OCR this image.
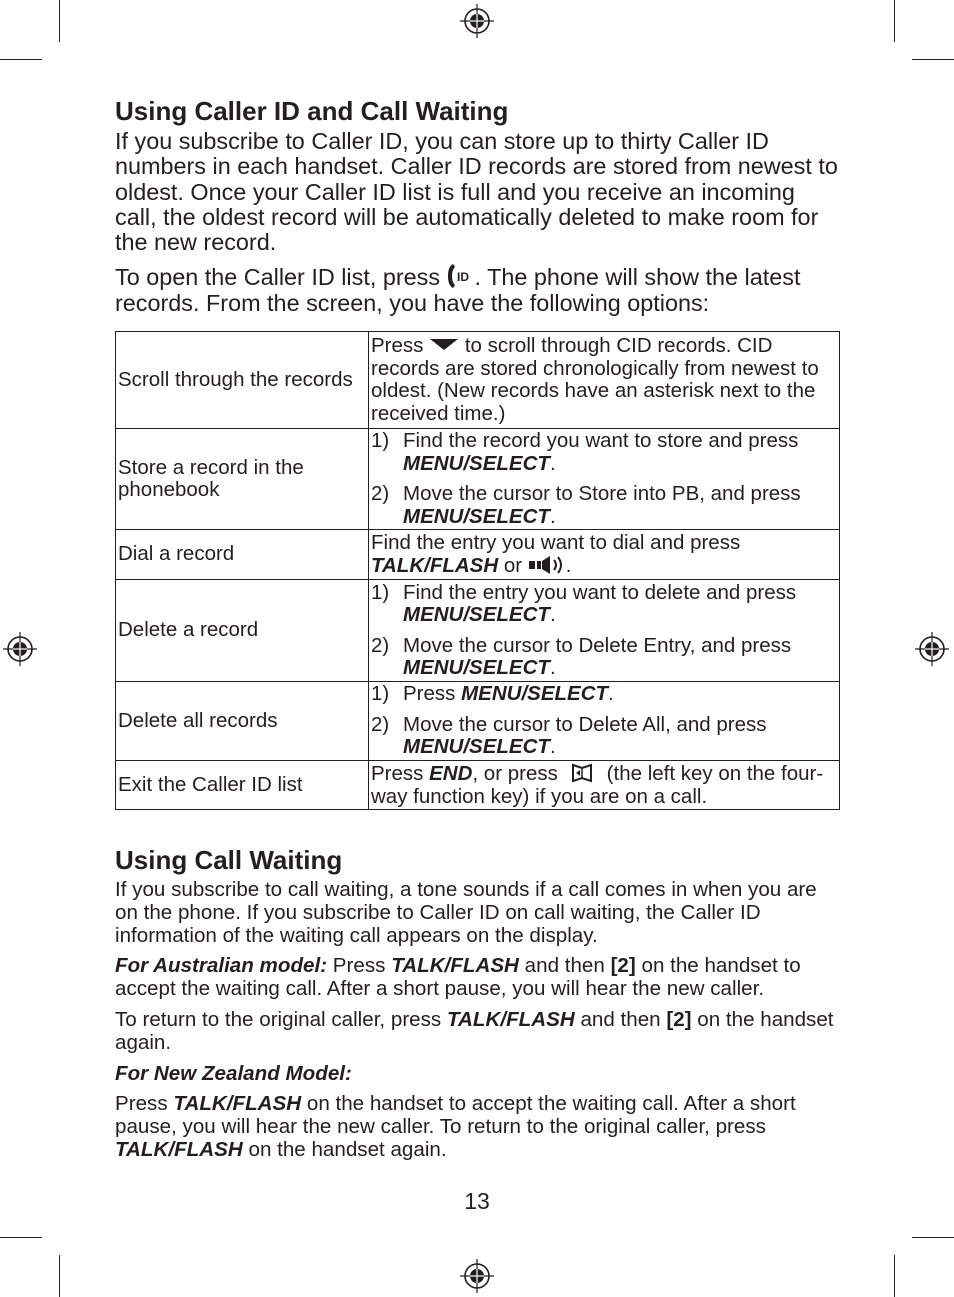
Using Caller ID and Call Waiting

If you subscribe to Caller ID, you can store up to thirty Caller ID numbers in each handset. Caller ID records are stored from newest to oldest. Once your Caller ID list is full and you receive an incoming call, the oldest record will be automatically deleted to make room for the new record.

To open the Caller ID list, press ID . The phone will show the latest records. From the screen, you have the following options:

Scroll through the records	Press to scroll through CID records. CID records are stored chronologically from newest to oldest. (New records have an asterisk next to the received time.)
Store a record in the phonebook	1) Find the record you want to store and press MENU/SELECT.
2) Move the cursor to Store into PB, and press MENU/SELECT.

Dial a record	Find the entry you want to dial and press TALK/FLASH or .
Delete a record	1) Find the entry you want to delete and press MENU/SELECT.
2) Move the cursor to Delete Entry, and press MENU/SELECT.

Delete all records	1) Press MENU/SELECT.
2) Move the cursor to Delete All, and press MENU/SELECT.

Exit the Caller ID list	Press END, or press (the left key on the four-way function key) if you are on a call.
Using Call Waiting

If you subscribe to call waiting, a tone sounds if a call comes in when you are on the phone. If you subscribe to Caller ID on call waiting, the Caller ID information of the waiting call appears on the display.

For Australian model: Press TALK/FLASH and then [2] on the handset to accept the waiting call. After a short pause, you will hear the new caller.

To return to the original caller, press TALK/FLASH and then [2] on the handset again.

For New Zealand Model:

Press TALK/FLASH on the handset to accept the waiting call. After a short pause, you will hear the new caller. To return to the original caller, press TALK/FLASH on the handset again.

13
